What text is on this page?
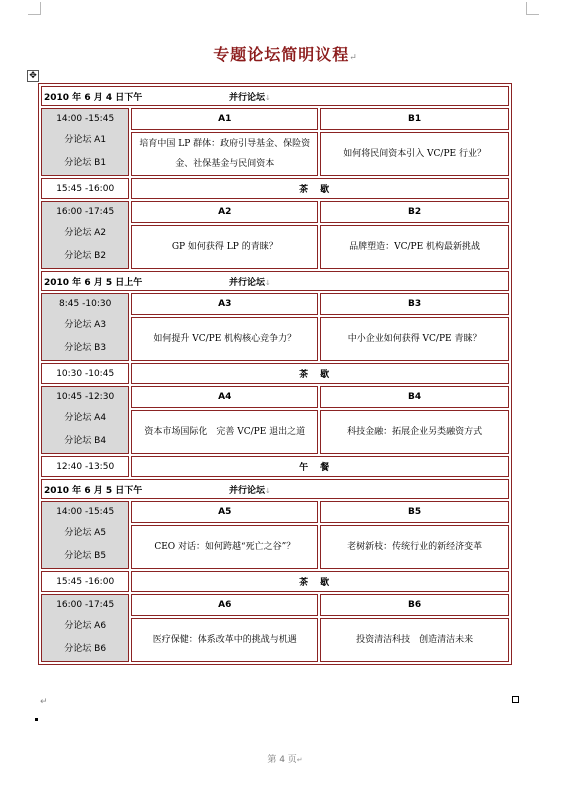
专题论坛简明议程↵
✥
2010 年 6 月 4 日下午 并行论坛↓		

14:00 -15:45
分论坛 A1
分论坛 B1	A1	B1
	培育中国 LP 群体：政府引导基金、保险资金、社保基金与民间资本	如何将民间资本引入 VC/PE 行业？
15:45 -16:00	茶歇	

16:00 -17:45
分论坛 A2
分论坛 B2	A2	B2
	GP 如何获得 LP 的青睐？	品牌塑造：VC/PE 机构最新挑战
2010 年 6 月 5 日上午 并行论坛↓		

8:45 -10:30
分论坛 A3
分论坛 B3	A3	B3
	如何提升 VC/PE 机构核心竞争力？	中小企业如何获得 VC/PE 青睐？
10:30 -10:45	茶歇	

10:45 -12:30
分论坛 A4
分论坛 B4	A4	B4
	资本市场国际化　完善 VC/PE 退出之道	科技金融：拓展企业另类融资方式
12:40 -13:50	午餐	
2010 年 6 月 5 日下午 并行论坛↓		

14:00 -15:45
分论坛 A5
分论坛 B5	A5	B5
	CEO 对话：如何跨越“死亡之谷”？	老树新枝：传统行业的新经济变革
15:45 -16:00	茶歇	

16:00 -17:45
分论坛 A6
分论坛 B6	A6	B6
	医疗保健：体系改革中的挑战与机遇	投资清洁科技　创造清洁未来
↵
第 4 页↵
